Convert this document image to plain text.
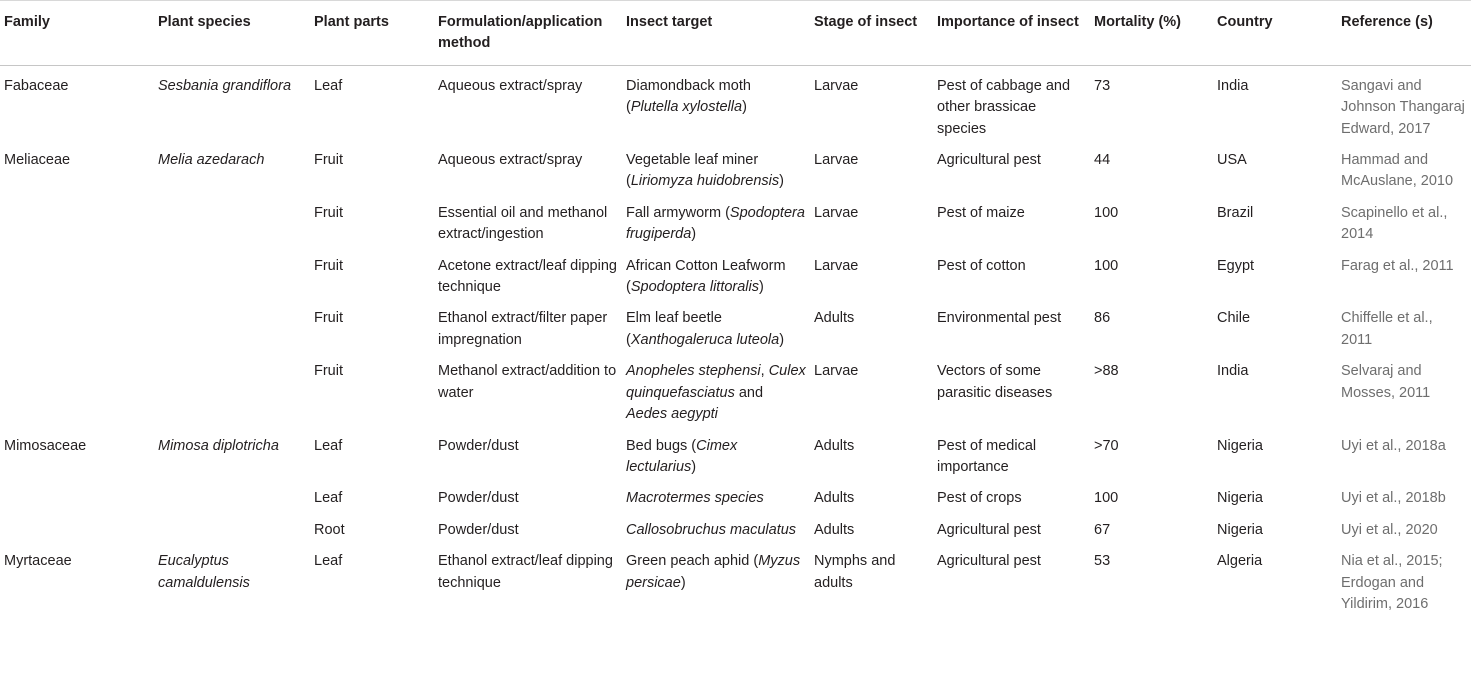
Family	Plant species	Plant parts	Formulation/application method	Insect target	Stage of insect	Importance of insect	Mortality (%)	Country	Reference (s)
Fabaceae	Sesbania grandiflora	Leaf	Aqueous extract/spray	Diamondback moth (Plutella xylostella)	Larvae	Pest of cabbage and other brassicae species	73	India	Sangavi and Johnson Thangaraj Edward, 2017
Meliaceae	Melia azedarach	Fruit	Aqueous extract/spray	Vegetable leaf miner (Liriomyza huidobrensis)	Larvae	Agricultural pest	44	USA	Hammad and McAuslane, 2010
		Fruit	Essential oil and methanol extract/ingestion	Fall armyworm (Spodoptera frugiperda)	Larvae	Pest of maize	100	Brazil	Scapinello et al., 2014
		Fruit	Acetone extract/leaf dipping technique	African Cotton Leafworm (Spodoptera littoralis)	Larvae	Pest of cotton	100	Egypt	Farag et al., 2011
		Fruit	Ethanol extract/filter paper impregnation	Elm leaf beetle (Xanthogaleruca luteola)	Adults	Environmental pest	86	Chile	Chiffelle et al., 2011
		Fruit	Methanol extract/addition to water	Anopheles stephensi, Culex quinquefasciatus and Aedes aegypti	Larvae	Vectors of some parasitic diseases	>88	India	Selvaraj and Mosses, 2011
Mimosaceae	Mimosa diplotricha	Leaf	Powder/dust	Bed bugs (Cimex lectularius)	Adults	Pest of medical importance	>70	Nigeria	Uyi et al., 2018a
		Leaf	Powder/dust	Macrotermes species	Adults	Pest of crops	100	Nigeria	Uyi et al., 2018b
		Root	Powder/dust	Callosobruchus maculatus	Adults	Agricultural pest	67	Nigeria	Uyi et al., 2020
Myrtaceae	Eucalyptus camaldulensis	Leaf	Ethanol extract/leaf dipping technique	Green peach aphid (Myzus persicae)	Nymphs and adults	Agricultural pest	53	Algeria	Nia et al., 2015; Erdogan and Yildirim, 2016
